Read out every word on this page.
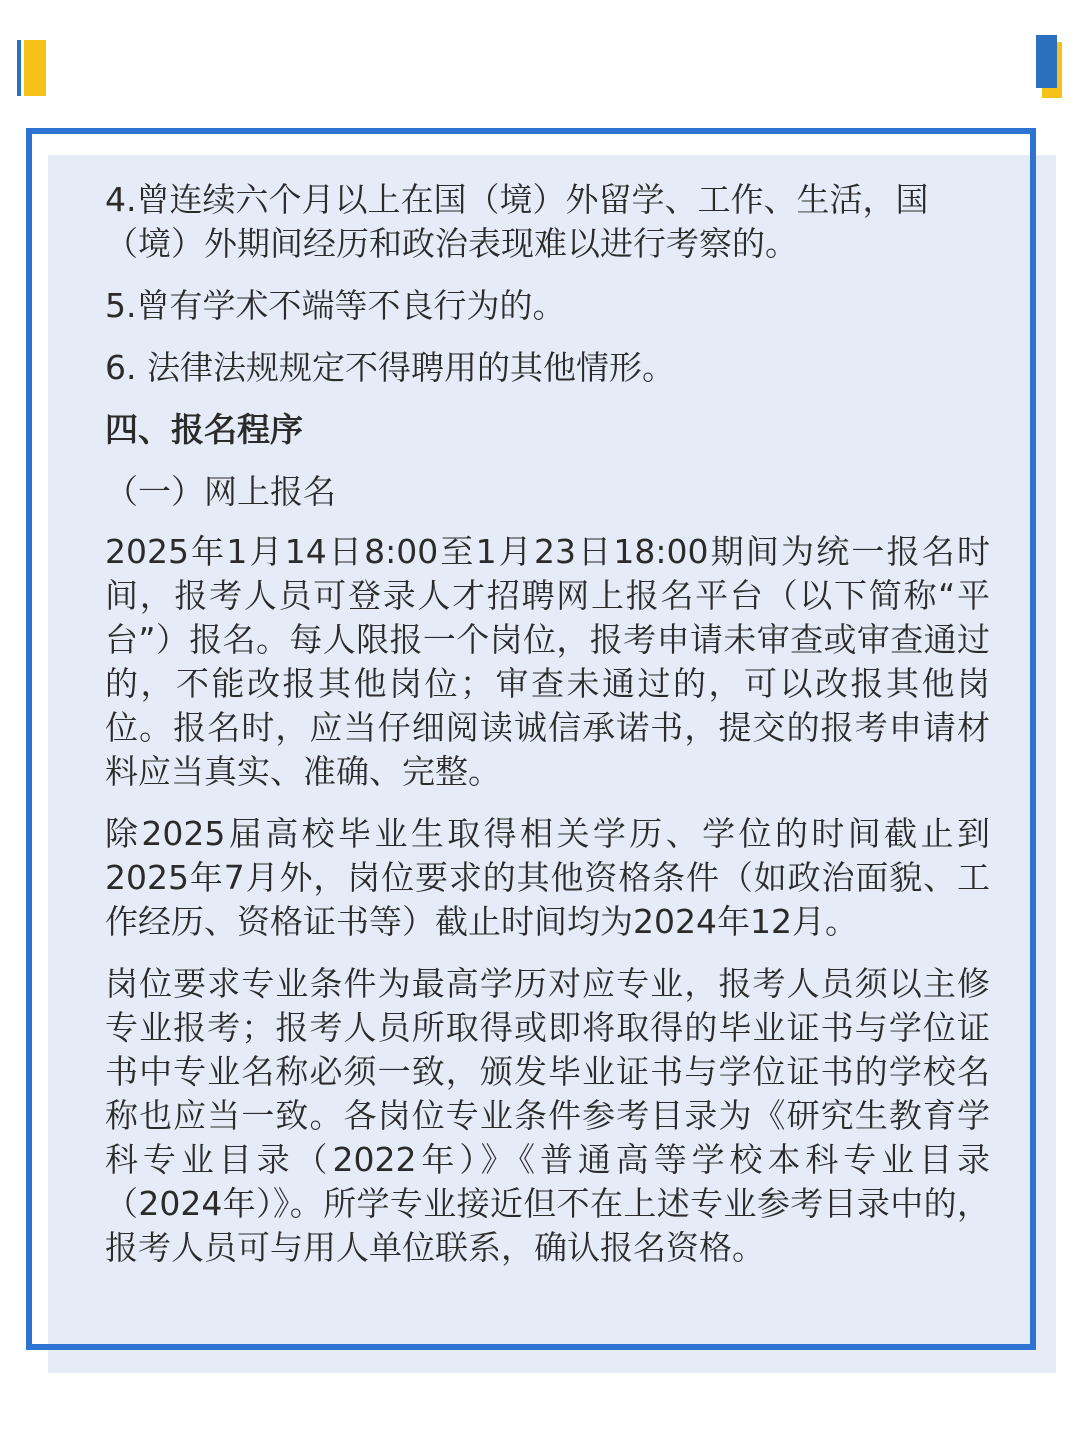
4.曾连续六个月以上在国（境）外留学、工作、生活，国（境）外期间经历和政治表现难以进行考察的。

5.曾有学术不端等不良行为的。

6. 法律法规规定不得聘用的其他情形。

四、报名程序

（一）网上报名

2025年1月14日8:00至1月23日18:00期间为统一报名时间，报考人员可登录人才招聘网上报名平台（以下简称“平台”）报名。每人限报一个岗位，报考申请未审查或审查通过的，不能改报其他岗位；审查未通过的，可以改报其他岗位。报名时，应当仔细阅读诚信承诺书，提交的报考申请材料应当真实、准确、完整。

除2025届高校毕业生取得相关学历、学位的时间截止到2025年7月外，岗位要求的其他资格条件（如政治面貌、工作经历、资格证书等）截止时间均为2024年12月。

岗位要求专业条件为最高学历对应专业，报考人员须以主修专业报考；报考人员所取得或即将取得的毕业证书与学位证书中专业名称必须一致，颁发毕业证书与学位证书的学校名称也应当一致。各岗位专业条件参考目录为《研究生教育学科专业目录（2022年）》《普通高等学校本科专业目录（2024年）》。所学专业接近但不在上述专业参考目录中的，报考人员可与用人单位联系，确认报名资格。
